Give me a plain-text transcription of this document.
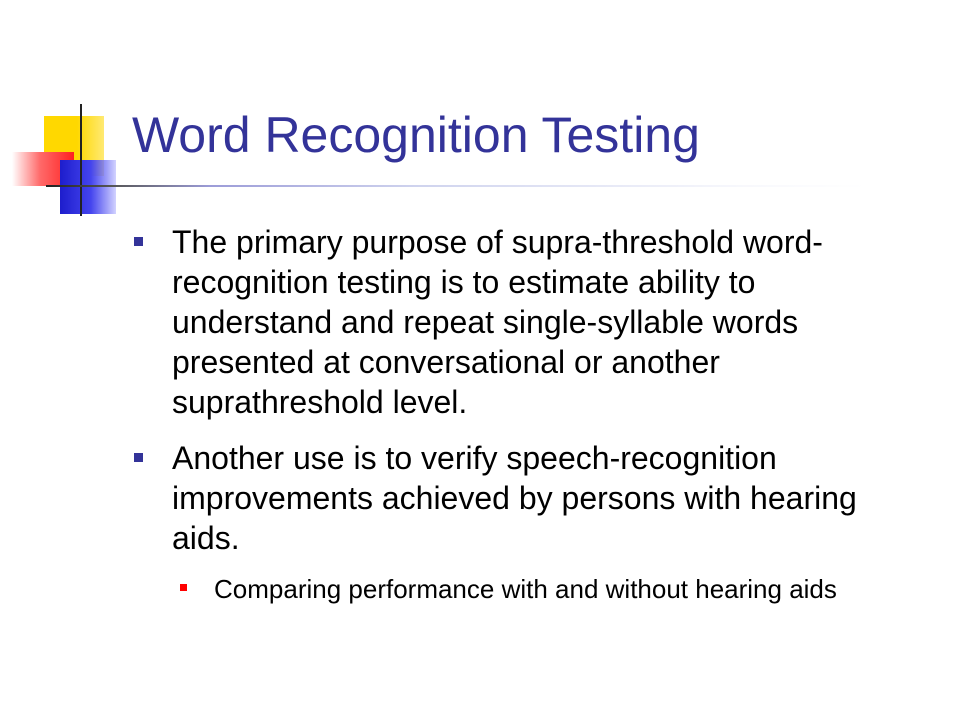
Word Recognition Testing
The primary purpose of supra-threshold word-recognition testing is to estimate ability to understand and repeat single-syllable words presented at conversational or another suprathreshold level.
Another use is to verify speech-recognition improvements achieved by persons with hearing aids.
Comparing performance with and without hearing aids
